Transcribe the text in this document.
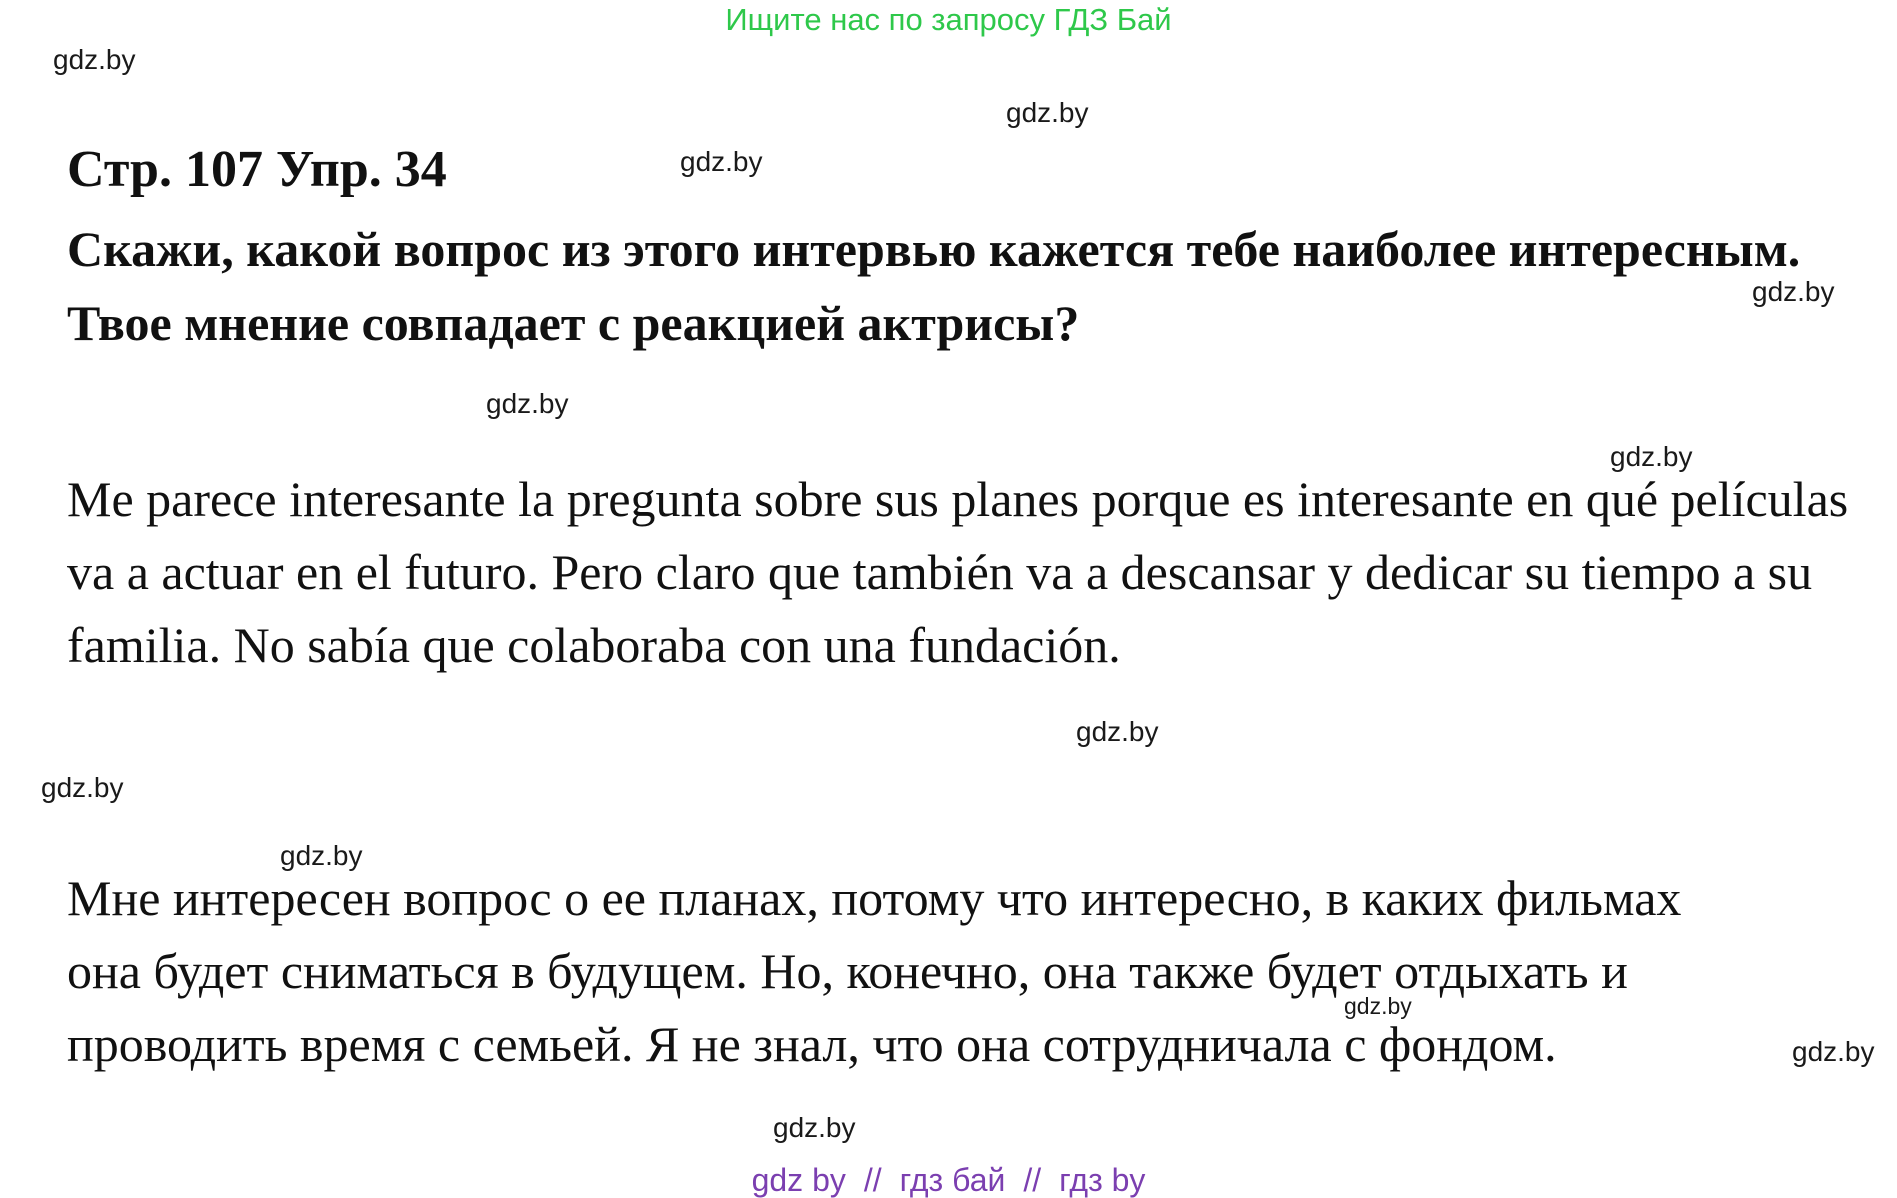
Ищите нас по запросу ГДЗ Бай
gdz.by
gdz.by
gdz.by
gdz.by
gdz.by
gdz.by
gdz.by
gdz.by
gdz.by
gdz.by
gdz.by
gdz.by
Стр. 107 Упр. 34

Скажи, какой вопрос из этого интервью кажется тебе наиболее интересным. Твое мнение совпадает с реакцией актрисы?

Me parece interesante la pregunta sobre sus planes porque es interesante en qué películas va a actuar en el futuro. Pero claro que también va a descansar y dedicar su tiempo a su familia. No sabía que colaboraba con una fundación.

Мне интересен вопрос о ее планах, потому что интересно, в каких фильмах она будет сниматься в будущем. Но, конечно, она также будет отдыхать и проводить время с семьей. Я не знал, что она сотрудничала с фондом.

gdz by // гдз бай // гдз by
